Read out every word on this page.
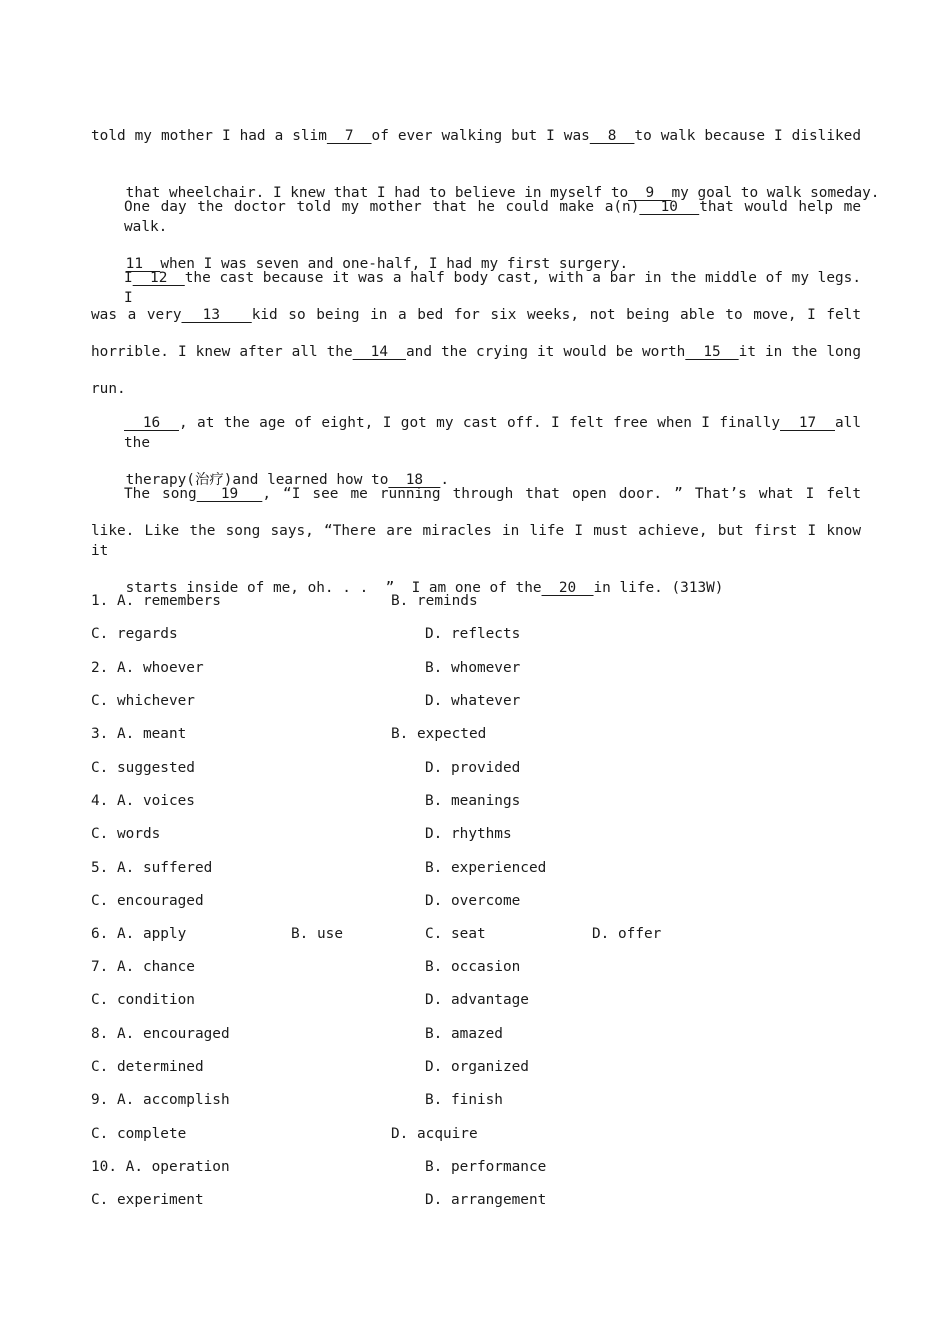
told my mother I had a slim  7  of ever walking but I was  8  to walk because I disliked

that wheelchair. I knew that I had to believe in myself to  9  my goal to walk someday.

One day the doctor told my mother that he could make a(n)  10  that would help me walk.

11  when I was seven and one-half, I had my first surgery.

I  12  the cast because it was a half body cast, with a bar in the middle of my legs. I
was a very  13   kid so being in a bed for six weeks, not being able to move, I felt
horrible. I knew after all the  14  and the crying it would be worth  15  it in the long
run.
16  , at the age of eight, I got my cast off. I felt free when I finally  17  all the

therapy(治疗)and learned how to  18  .

The song  19  , “I see me running through that open door. ” That’s what I felt
like. Like the song says, “There are miracles in life I must achieve, but first I know it

starts inside of me, oh. . .  ”  I am one of the  20  in life. (313W)

1. A. remembers	B. reminds
C. regards	D. reflects
2. A. whoever	B. whomever
C. whichever	D. whatever
3. A. meant	B. expected
C. suggested	D. provided
4. A. voices	B. meanings
C. words	D. rhythms
5. A. suffered	B. experienced
C. encouraged	D. overcome
6. A. apply	B. use	C. seat	D. offer
7. A. chance	B. occasion
C. condition	D. advantage
8. A. encouraged	B. amazed
C. determined	D. organized
9. A. accomplish	B. finish
C. complete	D. acquire
10. A. operation	B. performance
C. experiment	D. arrangement
